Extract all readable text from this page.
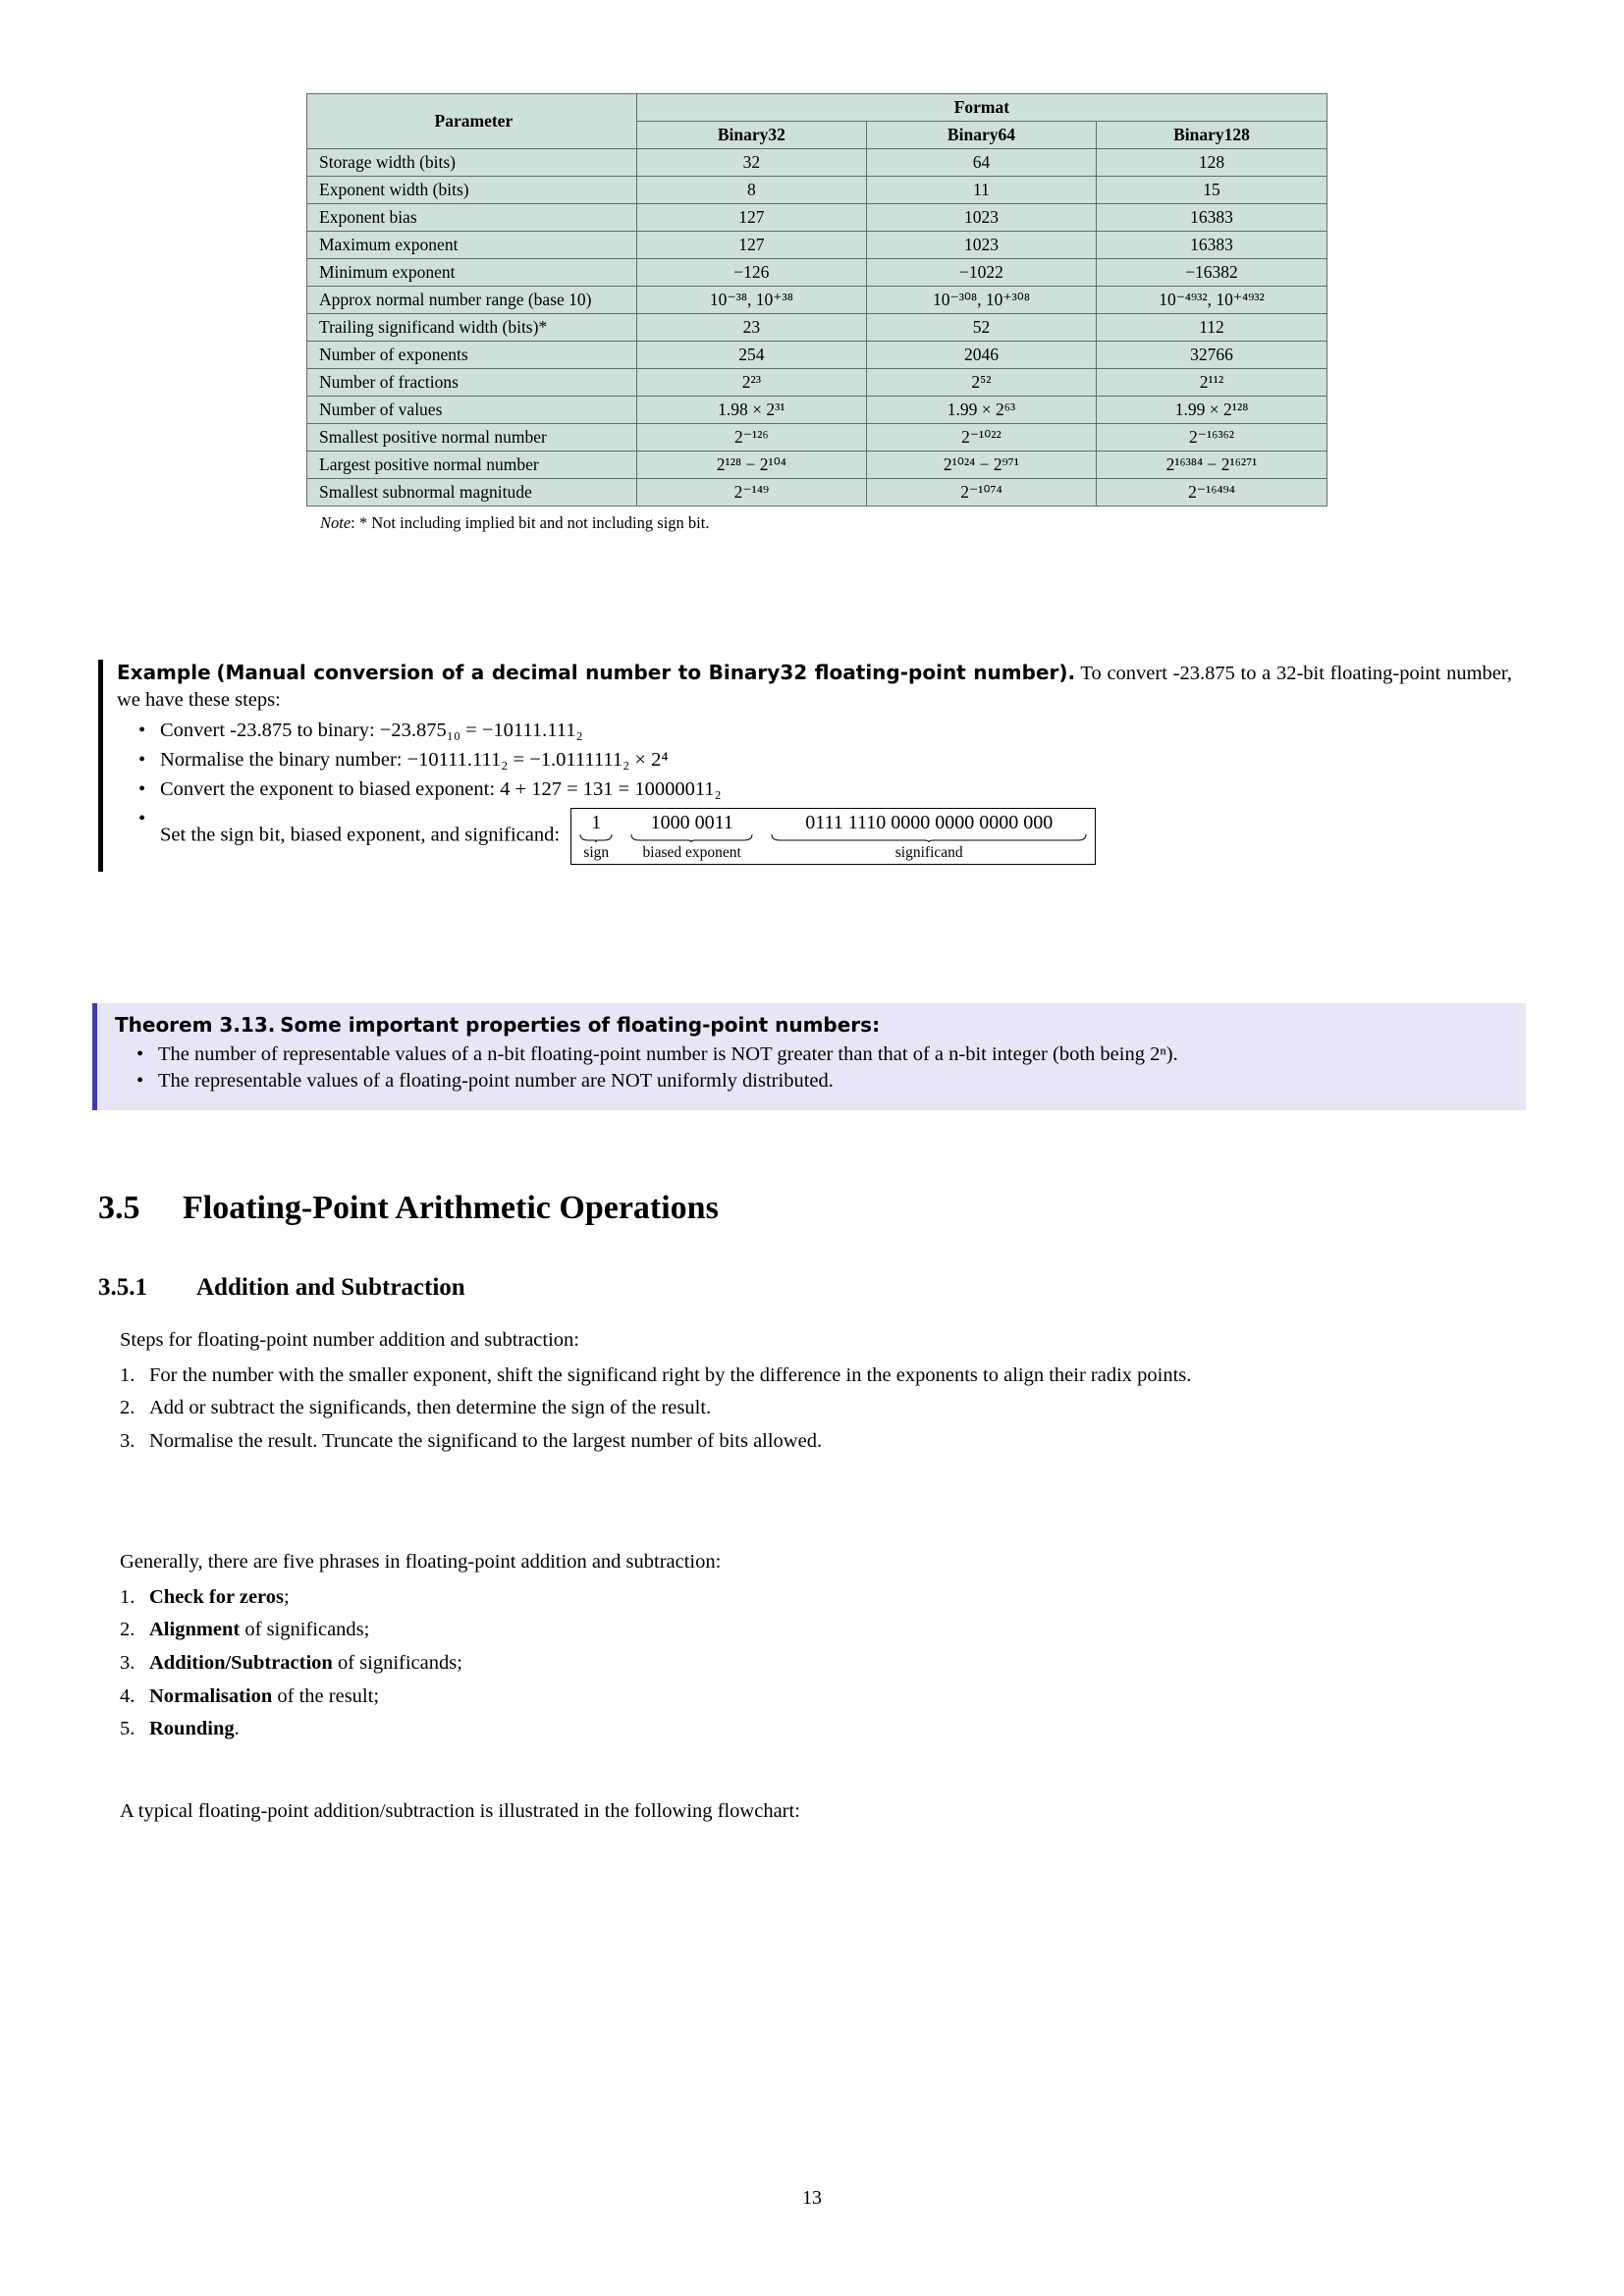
Parameter	Format		
	Binary32	Binary64	Binary128
Storage width (bits)	32	64	128
Exponent width (bits)	8	11	15
Exponent bias	127	1023	16383
Maximum exponent	127	1023	16383
Minimum exponent	−126	−1022	−16382
Approx normal number range (base 10)	10⁻³⁸, 10⁺³⁸	10⁻³⁰⁸, 10⁺³⁰⁸	10⁻⁴⁹³², 10⁺⁴⁹³²
Trailing significand width (bits)*	23	52	112
Number of exponents	254	2046	32766
Number of fractions	2²³	2⁵²	2¹¹²
Number of values	1.98 × 2³¹	1.99 × 2⁶³	1.99 × 2¹²⁸
Smallest positive normal number	2⁻¹²⁶	2⁻¹⁰²²	2⁻¹⁶³⁶²
Largest positive normal number	2¹²⁸ − 2¹⁰⁴	2¹⁰²⁴ − 2⁹⁷¹	2¹⁶³⁸⁴ − 2¹⁶²⁷¹
Smallest subnormal magnitude	2⁻¹⁴⁹	2⁻¹⁰⁷⁴	2⁻¹⁶⁴⁹⁴
Note: * Not including implied bit and not including sign bit.
Example (Manual conversion of a decimal number to Binary32 floating-point number). To convert -23.875 to a 32-bit floating-point number, we have these steps:
• Convert -23.875 to binary: −23.875₁₀ = −10111.111₂
• Normalise the binary number: −10111.111₂ = −1.0111111₂ × 2⁴
• Convert the exponent to biased exponent: 4 + 127 = 131 = 10000011₂
• Set the sign bit, biased exponent, and significand:
1
sign
1000 0011
biased exponent
0111 1110 0000 0000 0000 000
significand
Theorem 3.13. Some important properties of floating-point numbers:
• The number of representable values of a n-bit floating-point number is NOT greater than that of a n-bit integer (both being 2ⁿ).
• The representable values of a floating-point number are NOT uniformly distributed.
3.5 Floating-Point Arithmetic Operations
3.5.1 Addition and Subtraction
Steps for floating-point number addition and subtraction:
For the number with the smaller exponent, shift the significand right by the difference in the exponents to align their radix points.
Add or subtract the significands, then determine the sign of the result.
Normalise the result. Truncate the significand to the largest number of bits allowed.
Generally, there are five phrases in floating-point addition and subtraction:
Check for zeros;
Alignment of significands;
Addition/Subtraction of significands;
Normalisation of the result;
Rounding.
A typical floating-point addition/subtraction is illustrated in the following flowchart:
13
